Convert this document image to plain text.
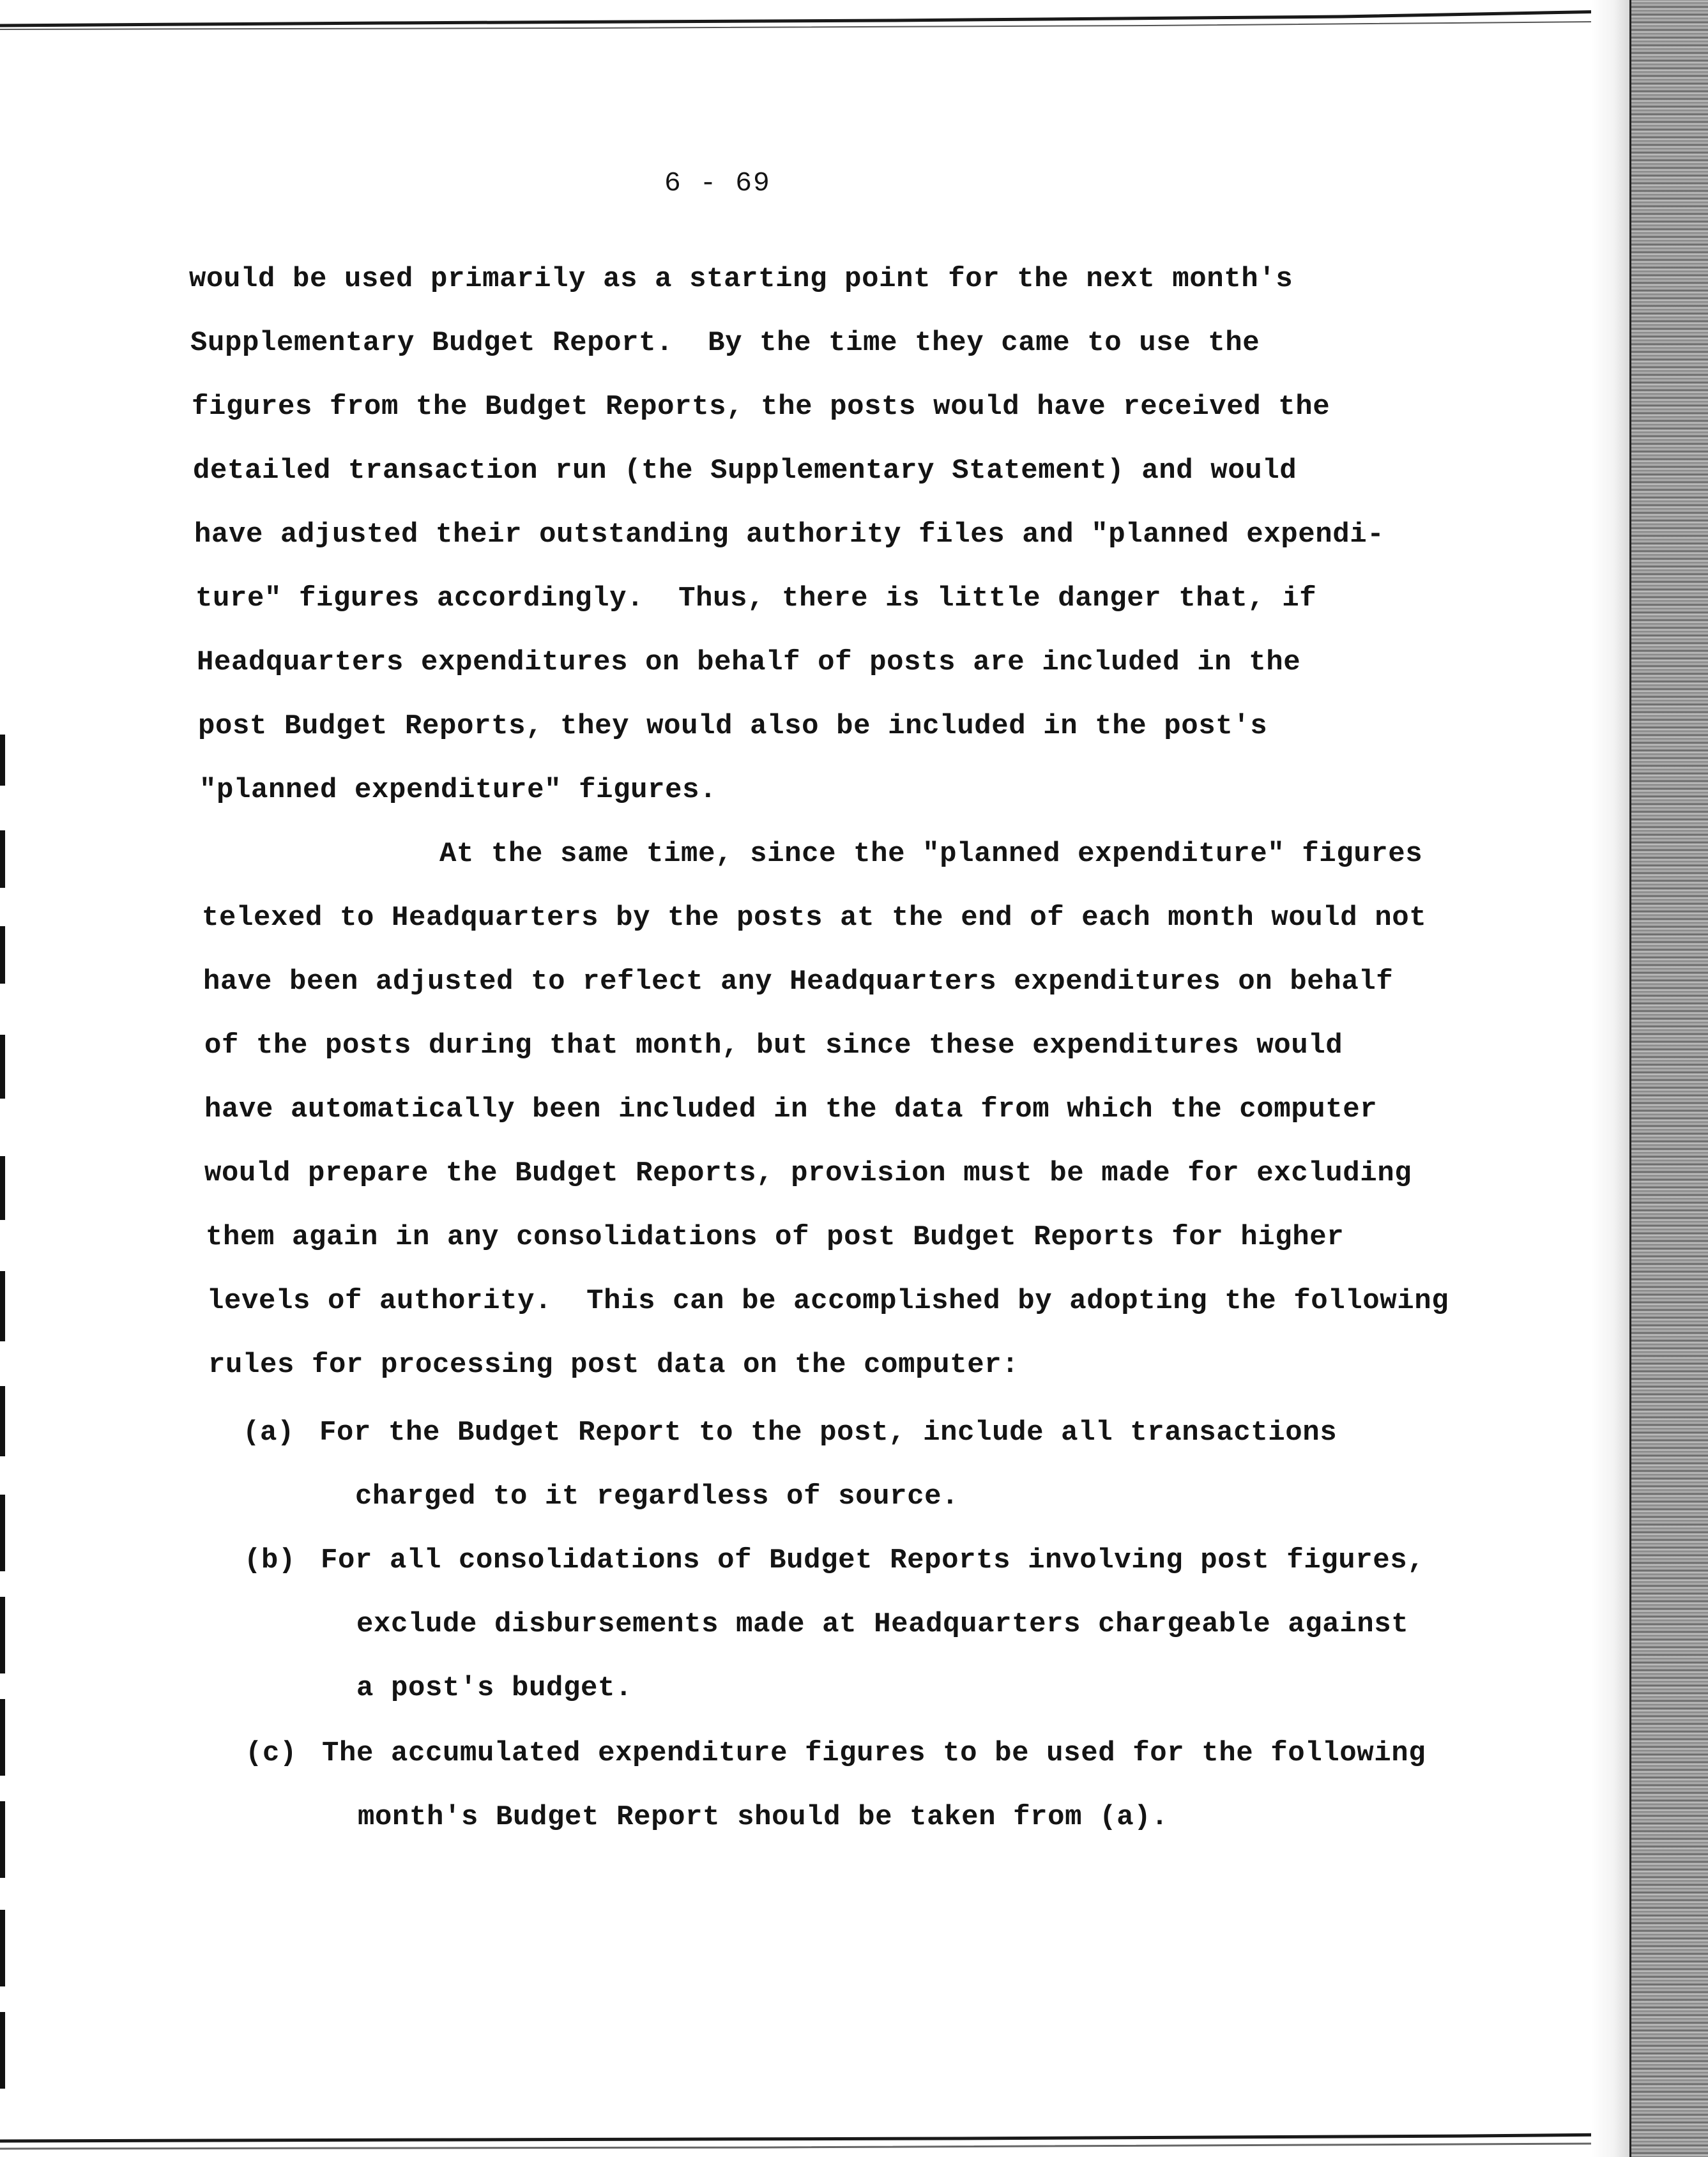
6 - 69
would be used primarily as a starting point for the next month's
Supplementary Budget Report.  By the time they came to use the
figures from the Budget Reports, the posts would have received the
detailed transaction run (the Supplementary Statement) and would
have adjusted their outstanding authority files and "planned expendi-
ture" figures accordingly.  Thus, there is little danger that, if
Headquarters expenditures on behalf of posts are included in the
post Budget Reports, they would also be included in the post's
"planned expenditure" figures.
At the same time, since the "planned expenditure" figures
telexed to Headquarters by the posts at the end of each month would not
have been adjusted to reflect any Headquarters expenditures on behalf
of the posts during that month, but since these expenditures would
have automatically been included in the data from which the computer
would prepare the Budget Reports, provision must be made for excluding
them again in any consolidations of post Budget Reports for higher
levels of authority.  This can be accomplished by adopting the following
rules for processing post data on the computer:
(a) For the Budget Report to the post, include all transactions
charged to it regardless of source.
(b) For all consolidations of Budget Reports involving post figures,
exclude disbursements made at Headquarters chargeable against
a post's budget.
(c) The accumulated expenditure figures to be used for the following
month's Budget Report should be taken from (a).
